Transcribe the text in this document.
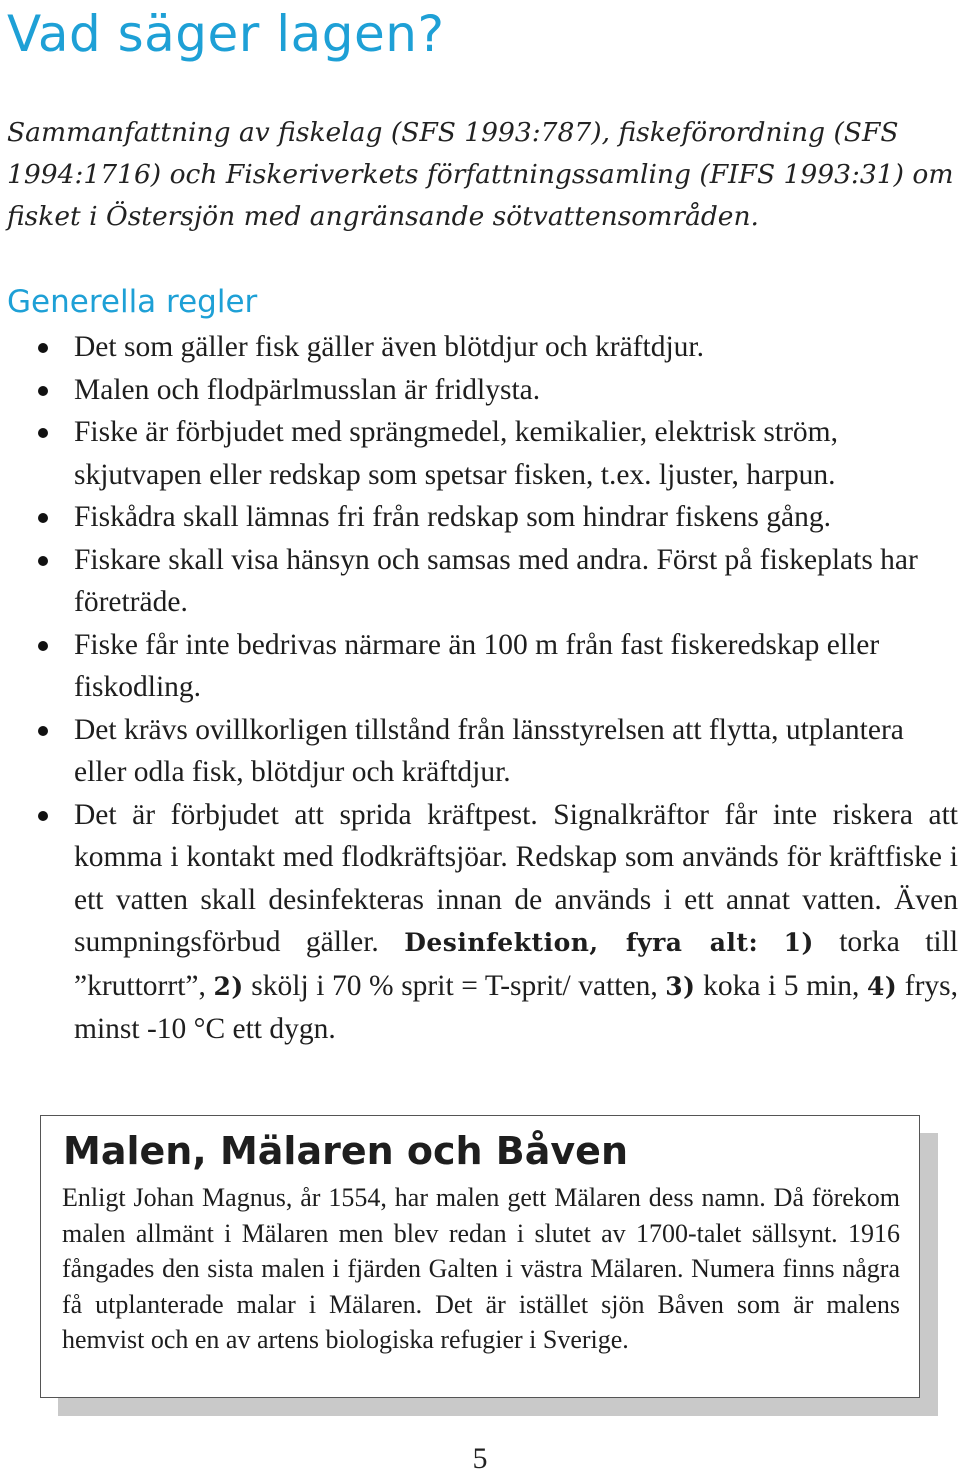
Vad säger lagen?

Sammanfattning av fiskelag (SFS 1993:787), fiskeförordning (SFS 1994:1716) och Fiskeriverkets författningssamling (FIFS 1993:31) om fisket i Östersjön med angränsande sötvattensområden.

Generella regler
Det som gäller fisk gäller även blötdjur och kräftdjur.
Malen och flodpärlmusslan är fridlysta.
Fiske är förbjudet med sprängmedel, kemikalier, elektrisk ström, skjutvapen eller redskap som spetsar fisken, t.ex. ljuster, harpun.
Fiskådra skall lämnas fri från redskap som hindrar fiskens gång.
Fiskare skall visa hänsyn och samsas med andra. Först på fiskeplats har företräde.
Fiske får inte bedrivas närmare än 100 m från fast fiskeredskap eller fiskodling.
Det krävs ovillkorligen tillstånd från länsstyrelsen att flytta, utplantera eller odla fisk, blötdjur och kräftdjur.
Det är förbjudet att sprida kräftpest. Signalkräftor får inte riskera att komma i kontakt med flodkräftsjöar. Redskap som används för kräftfiske i ett vatten skall desinfekteras innan de används i ett annat vatten. Även sumpningsförbud gäller. Desinfektion, fyra alt: 1) torka till ”kruttorrt”, 2) skölj i 70 % sprit = T-sprit/ vatten, 3) koka i 5 min, 4) frys, minst -10 °C ett dygn.
Malen, Mälaren och Båven

Enligt Johan Magnus, år 1554, har malen gett Mälaren dess namn. Då förekom malen allmänt i Mälaren men blev redan i slutet av 1700-talet sällsynt. 1916 fångades den sista malen i fjärden Galten i västra Mälaren. Numera finns några få utplanterade malar i Mälaren. Det är istället sjön Båven som är malens hemvist och en av artens biologiska refugier i Sverige.

5
